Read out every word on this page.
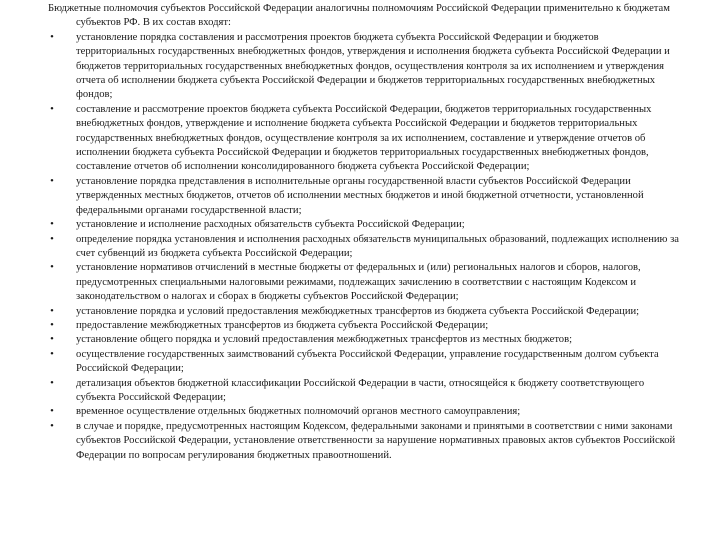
Бюджетные полномочия субъектов Российской Федерации аналогичны полномочиям Российской Федерации применительно к бюджетам субъектов РФ. В их состав входят:

• установление порядка составления и рассмотрения проектов бюджета субъекта Российской Федерации и бюджетов территориальных государственных внебюджетных фондов, утверждения и исполнения бюджета субъекта Российской Федерации и бюджетов территориальных государственных внебюджетных фондов, осуществления контроля за их исполнением и утверждения отчета об исполнении бюджета субъекта Российской Федерации и бюджетов территориальных государственных внебюджетных фондов;
• составление и рассмотрение проектов бюджета субъекта Российской Федерации, бюджетов территориальных государственных внебюджетных фондов, утверждение и исполнение бюджета субъекта Российской Федерации и бюджетов территориальных государственных внебюджетных фондов, осуществление контроля за их исполнением, составление и утверждение отчетов об исполнении бюджета субъекта Российской Федерации и бюджетов территориальных государственных внебюджетных фондов, составление отчетов об исполнении консолидированного бюджета субъекта Российской Федерации;
• установление порядка представления в исполнительные органы государственной власти субъектов Российской Федерации утвержденных местных бюджетов, отчетов об исполнении местных бюджетов и иной бюджетной отчетности, установленной федеральными органами государственной власти;
• установление и исполнение расходных обязательств субъекта Российской Федерации;
• определение порядка установления и исполнения расходных обязательств муниципальных образований, подлежащих исполнению за счет субвенций из бюджета субъекта Российской Федерации;
• установление нормативов отчислений в местные бюджеты от федеральных и (или) региональных налогов и сборов, налогов, предусмотренных специальными налоговыми режимами, подлежащих зачислению в соответствии с настоящим Кодексом и законодательством о налогах и сборах в бюджеты субъектов Российской Федерации;
• установление порядка и условий предоставления межбюджетных трансфертов из бюджета субъекта Российской Федерации;
• предоставление межбюджетных трансфертов из бюджета субъекта Российской Федерации;
• установление общего порядка и условий предоставления межбюджетных трансфертов из местных бюджетов;
• осуществление государственных заимствований субъекта Российской Федерации, управление государственным долгом субъекта Российской Федерации;
• детализация объектов бюджетной классификации Российской Федерации в части, относящейся к бюджету соответствующего субъекта Российской Федерации;
• временное осуществление отдельных бюджетных полномочий органов местного самоуправления;
• в случае и порядке, предусмотренных настоящим Кодексом, федеральными законами и принятыми в соответствии с ними законами субъектов Российской Федерации, установление ответственности за нарушение нормативных правовых актов субъектов Российской Федерации по вопросам регулирования бюджетных правоотношений.
